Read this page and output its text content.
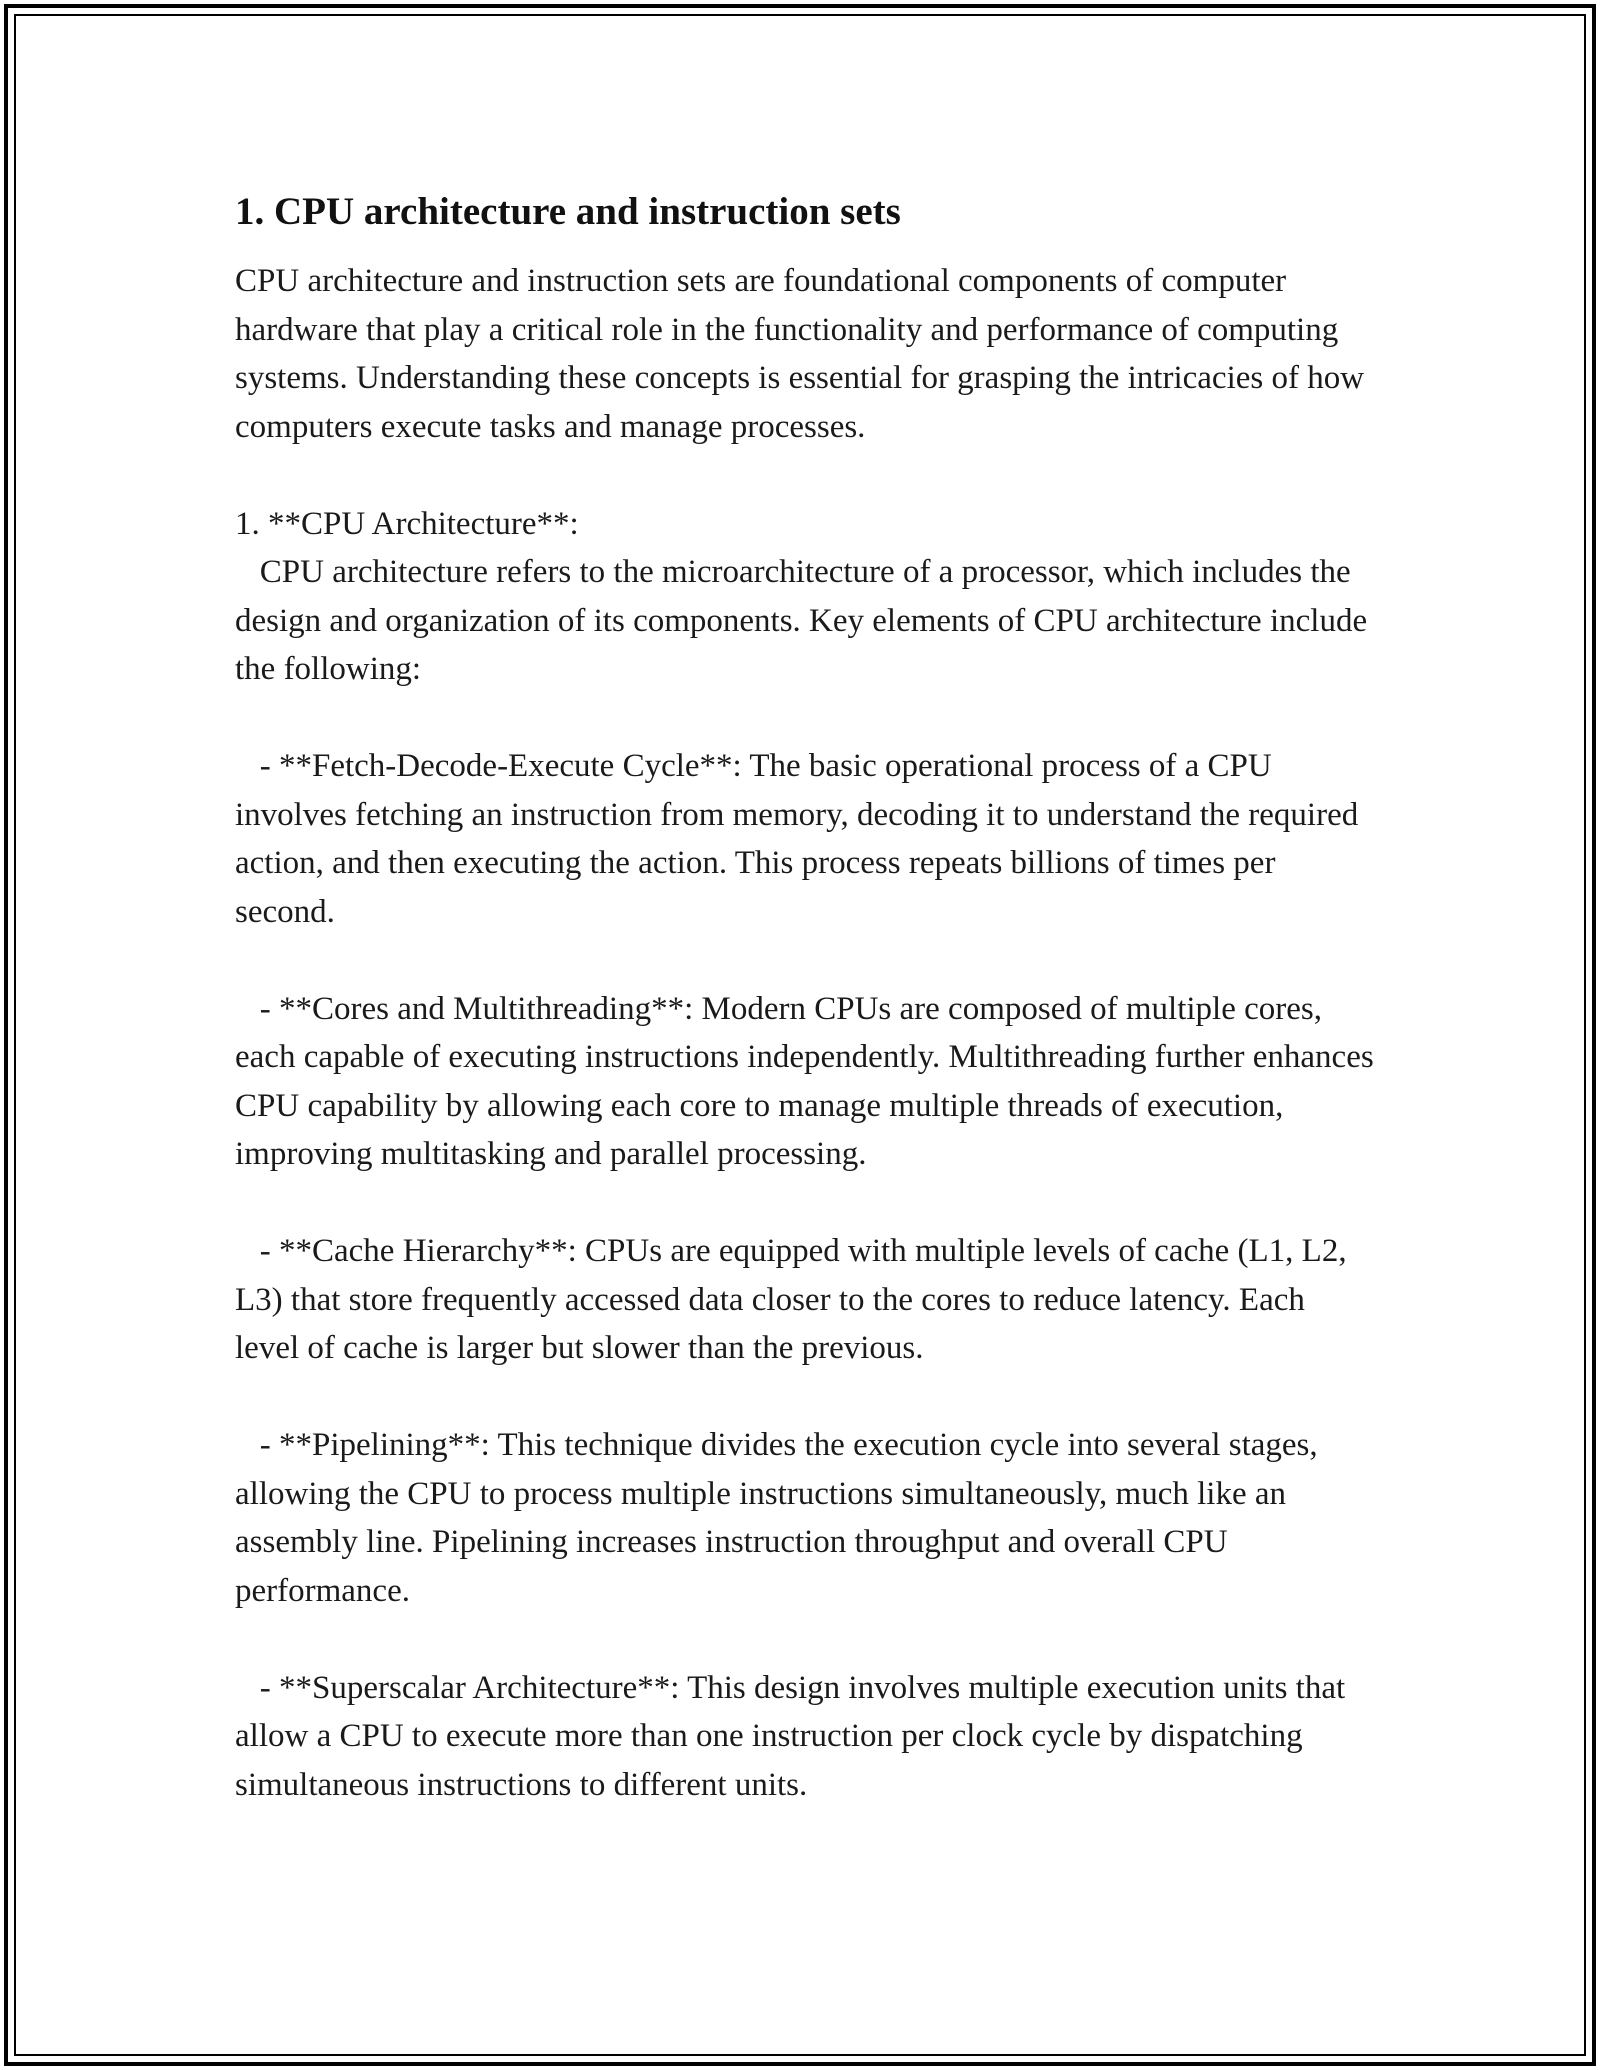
1. CPU architecture and instruction sets

CPU architecture and instruction sets are foundational components of computer hardware that play a critical role in the functionality and performance of computing systems. Understanding these concepts is essential for grasping the intricacies of how computers execute tasks and manage processes.

1. **CPU Architecture**:
CPU architecture refers to the microarchitecture of a processor, which includes the design and organization of its components. Key elements of CPU architecture include the following:

- **Fetch-Decode-Execute Cycle**: The basic operational process of a CPU involves fetching an instruction from memory, decoding it to understand the required action, and then executing the action. This process repeats billions of times per second.

- **Cores and Multithreading**: Modern CPUs are composed of multiple cores, each capable of executing instructions independently. Multithreading further enhances CPU capability by allowing each core to manage multiple threads of execution, improving multitasking and parallel processing.

- **Cache Hierarchy**: CPUs are equipped with multiple levels of cache (L1, L2, L3) that store frequently accessed data closer to the cores to reduce latency. Each level of cache is larger but slower than the previous.

- **Pipelining**: This technique divides the execution cycle into several stages, allowing the CPU to process multiple instructions simultaneously, much like an assembly line. Pipelining increases instruction throughput and overall CPU performance.

- **Superscalar Architecture**: This design involves multiple execution units that allow a CPU to execute more than one instruction per clock cycle by dispatching simultaneous instructions to different units.
